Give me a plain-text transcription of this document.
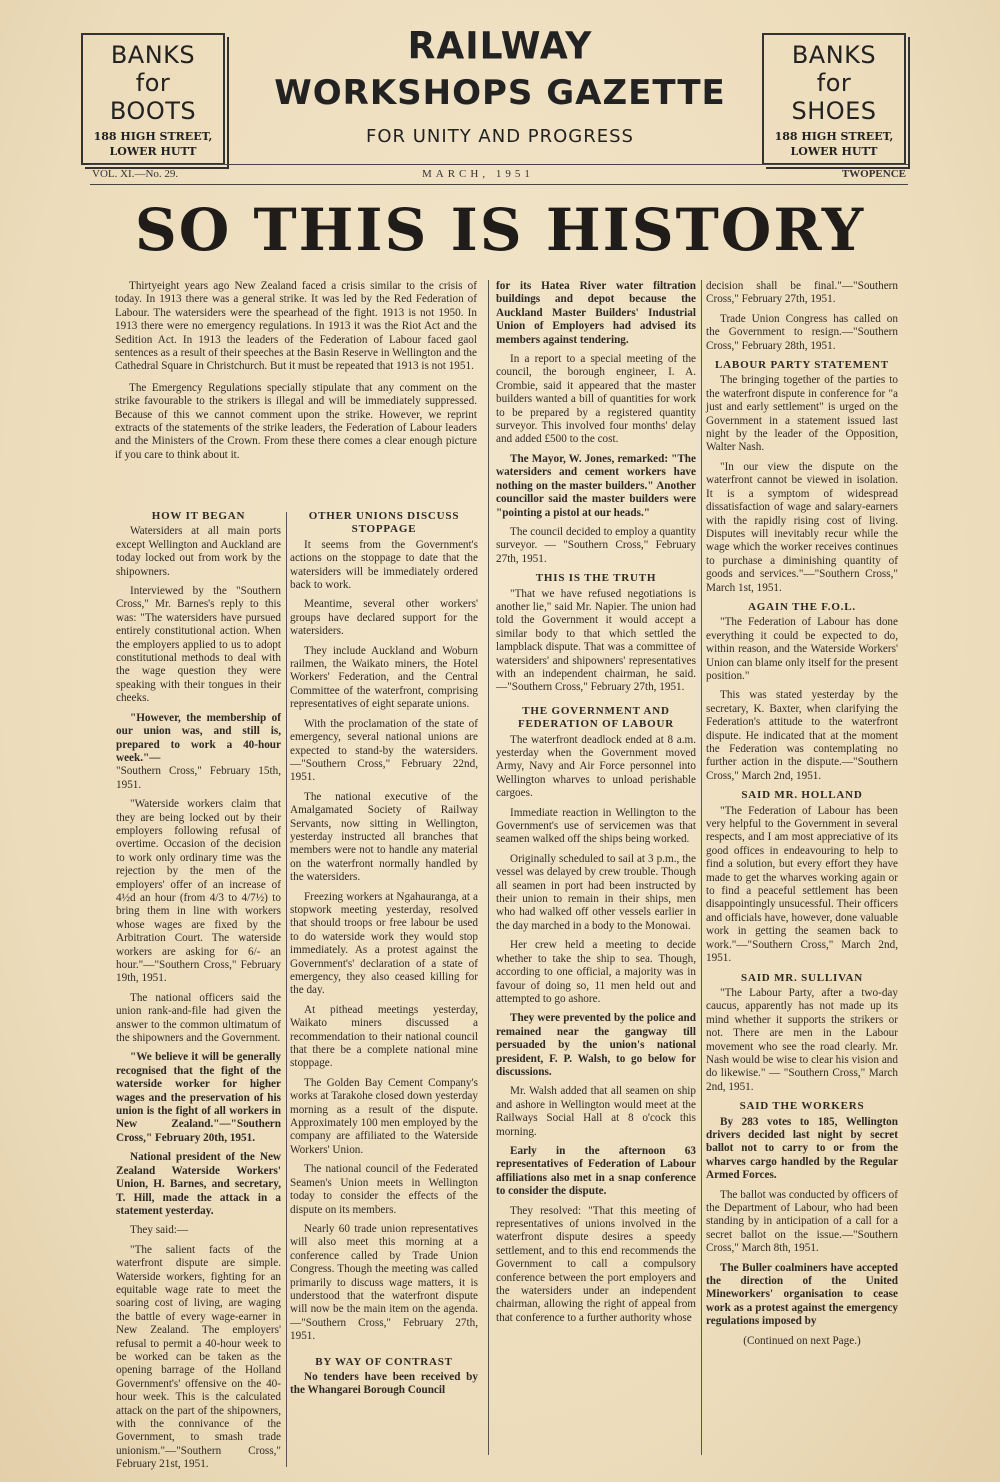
BANKS
for
BOOTS
188 HIGH STREET,
LOWER HUTT
RAILWAY
WORKSHOPS GAZETTE
FOR UNITY AND PROGRESS
BANKS
for
SHOES
188 HIGH STREET,
LOWER HUTT
VOL. XI.—No. 29.	MARCH, 1951	TWOPENCE
SO THIS IS HISTORY

Thirtyeight years ago New Zealand faced a crisis similar to the crisis of today. In 1913 there was a general strike. It was led by the Red Federation of Labour. The watersiders were the spearhead of the fight. 1913 is not 1950. In 1913 there were no emergency regulations. In 1913 it was the Riot Act and the Sedition Act. In 1913 the leaders of the Federation of Labour faced gaol sentences as a result of their speeches at the Basin Reserve in Wellington and the Cathedral Square in Christchurch. But it must be repeated that 1913 is not 1951.

The Emergency Regulations specially stipulate that any comment on the strike favourable to the strikers is illegal and will be immediately suppressed. Because of this we cannot comment upon the strike. However, we reprint extracts of the statements of the strike leaders, the Federation of Labour leaders and the Ministers of the Crown. From these there comes a clear enough picture if you care to think about it.

HOW IT BEGAN

Watersiders at all main ports except Wellington and Auckland are today locked out from work by the shipowners.

Interviewed by the "Southern Cross," Mr. Barnes's reply to this was: "The watersiders have pursued entirely constitutional action. When the employers applied to us to adopt constitutional methods to deal with the wage question they were speaking with their tongues in their cheeks.

"However, the membership of our union was, and still is, prepared to work a 40-hour week."—

"Southern Cross," February 15th, 1951.

"Waterside workers claim that they are being locked out by their employers following refusal of overtime. Occasion of the decision to work only ordinary time was the rejection by the men of the employers' offer of an increase of 4½d an hour (from 4/3 to 4/7½) to bring them in line with workers whose wages are fixed by the Arbitration Court. The waterside workers are asking for 6/- an hour."—"Southern Cross," February 19th, 1951.

The national officers said the union rank-and-file had given the answer to the common ultimatum of the shipowners and the Government.

"We believe it will be generally recognised that the fight of the waterside worker for higher wages and the preservation of his union is the fight of all workers in New Zealand."—"Southern Cross," February 20th, 1951.

National president of the New Zealand Waterside Workers' Union, H. Barnes, and secretary, T. Hill, made the attack in a statement yesterday.

They said:—

"The salient facts of the waterfront dispute are simple. Waterside workers, fighting for an equitable wage rate to meet the soaring cost of living, are waging the battle of every wage-earner in New Zealand. The employers' refusal to permit a 40-hour week to be worked can be taken as the opening barrage of the Holland Government's' offensive on the 40-hour week. This is the calculated attack on the part of the shipowners, with the connivance of the Government, to smash trade unionism."—"Southern Cross," February 21st, 1951.

OTHER UNIONS DISCUSS STOPPAGE

It seems from the Government's actions on the stoppage to date that the watersiders will be immediately ordered back to work.

Meantime, several other workers' groups have declared support for the watersiders.

They include Auckland and Woburn railmen, the Waikato miners, the Hotel Workers' Federation, and the Central Committee of the waterfront, comprising representatives of eight separate unions.

With the proclamation of the state of emergency, several national unions are expected to stand-by the watersiders.—"Southern Cross," February 22nd, 1951.

The national executive of the Amalgamated Society of Railway Servants, now sitting in Wellington, yesterday instructed all branches that members were not to handle any material on the waterfront normally handled by the watersiders.

Freezing workers at Ngahauranga, at a stopwork meeting yesterday, resolved that should troops or free labour be used to do waterside work they would stop immediately. As a protest against the Government's' declaration of a state of emergency, they also ceased killing for the day.

At pithead meetings yesterday, Waikato miners discussed a recommendation to their national council that there be a complete national mine stoppage.

The Golden Bay Cement Company's works at Tarakohe closed down yesterday morning as a result of the dispute. Approximately 100 men employed by the company are affiliated to the Waterside Workers' Union.

The national council of the Federated Seamen's Union meets in Wellington today to consider the effects of the dispute on its members.

Nearly 60 trade union representatives will also meet this morning at a conference called by Trade Union Congress. Though the meeting was called primarily to discuss wage matters, it is understood that the waterfront dispute will now be the main item on the agenda.—"Southern Cross," February 27th, 1951.

BY WAY OF CONTRAST

No tenders have been received by the Whangarei Borough Council

for its Hatea River water filtration buildings and depot because the Auckland Master Builders' Industrial Union of Employers had advised its members against tendering.

In a report to a special meeting of the council, the borough engineer, I. A. Crombie, said it appeared that the master builders wanted a bill of quantities for work to be prepared by a registered quantity surveyor. This involved four months' delay and added £500 to the cost.

The Mayor, W. Jones, remarked: "The watersiders and cement workers have nothing on the master builders." Another councillor said the master builders were "pointing a pistol at our heads."

The council decided to employ a quantity surveyor. — "Southern Cross," February 27th, 1951.

THIS IS THE TRUTH

"That we have refused negotiations is another lie," said Mr. Napier. The union had told the Government it would accept a similar body to that which settled the lampblack dispute. That was a committee of watersiders' and shipowners' representatives with an independent chairman, he said.—"Southern Cross," February 27th, 1951.

THE GOVERNMENT AND FEDERATION OF LABOUR

The waterfront deadlock ended at 8 a.m. yesterday when the Government moved Army, Navy and Air Force personnel into Wellington wharves to unload perishable cargoes.

Immediate reaction in Wellington to the Government's use of servicemen was that seamen walked off the ships being worked.

Originally scheduled to sail at 3 p.m., the vessel was delayed by crew trouble. Though all seamen in port had been instructed by their union to remain in their ships, men who had walked off other vessels earlier in the day marched in a body to the Monowai.

Her crew held a meeting to decide whether to take the ship to sea. Though, according to one official, a majority was in favour of doing so, 11 men held out and attempted to go ashore.

They were prevented by the police and remained near the gangway till persuaded by the union's national president, F. P. Walsh, to go below for discussions.

Mr. Walsh added that all seamen on ship and ashore in Wellington would meet at the Railways Social Hall at 8 o'cock this morning.

Early in the afternoon 63 representatives of Federation of Labour affiliations also met in a snap conference to consider the dispute.

They resolved: "That this meeting of representatives of unions involved in the waterfront dispute desires a speedy settlement, and to this end recommends the Government to call a compulsory conference between the port employers and the watersiders under an independent chairman, allowing the right of appeal from that conference to a further authority whose

decision shall be final."—"Southern Cross," February 27th, 1951.

Trade Union Congress has called on the Government to resign.—"Southern Cross," February 28th, 1951.

LABOUR PARTY STATEMENT

The bringing together of the parties to the waterfront dispute in conference for "a just and early settlement" is urged on the Government in a statement issued last night by the leader of the Opposition, Walter Nash.

"In our view the dispute on the waterfront cannot be viewed in isolation. It is a symptom of widespread dissatisfaction of wage and salary-earners with the rapidly rising cost of living. Disputes will inevitably recur while the wage which the worker receives continues to purchase a diminishing quantity of goods and services."—"Southern Cross," March 1st, 1951.

AGAIN THE F.O.L.

"The Federation of Labour has done everything it could be expected to do, within reason, and the Waterside Workers' Union can blame only itself for the present position."

This was stated yesterday by the secretary, K. Baxter, when clarifying the Federation's attitude to the waterfront dispute. He indicated that at the moment the Federation was contemplating no further action in the dispute.—"Southern Cross," March 2nd, 1951.

SAID MR. HOLLAND

"The Federation of Labour has been very helpful to the Government in several respects, and I am most appreciative of its good offices in endeavouring to help to find a solution, but every effort they have made to get the wharves working again or to find a peaceful settlement has been disappointingly unsucessful. Their officers and officials have, however, done valuable work in getting the seamen back to work."—"Southern Cross," March 2nd, 1951.

SAID MR. SULLIVAN

"The Labour Party, after a two-day caucus, apparently has not made up its mind whether it supports the strikers or not. There are men in the Labour movement who see the road clearly. Mr. Nash would be wise to clear his vision and do likewise." — "Southern Cross," March 2nd, 1951.

SAID THE WORKERS

By 283 votes to 185, Wellington drivers decided last night by secret ballot not to carry to or from the wharves cargo handled by the Regular Armed Forces.

The ballot was conducted by officers of the Department of Labour, who had been standing by in anticipation of a call for a secret ballot on the issue.—"Southern Cross," March 8th, 1951.

The Buller coalminers have accepted the direction of the United Mineworkers' organisation to cease work as a protest against the emergency regulations imposed by

(Continued on next Page.)
